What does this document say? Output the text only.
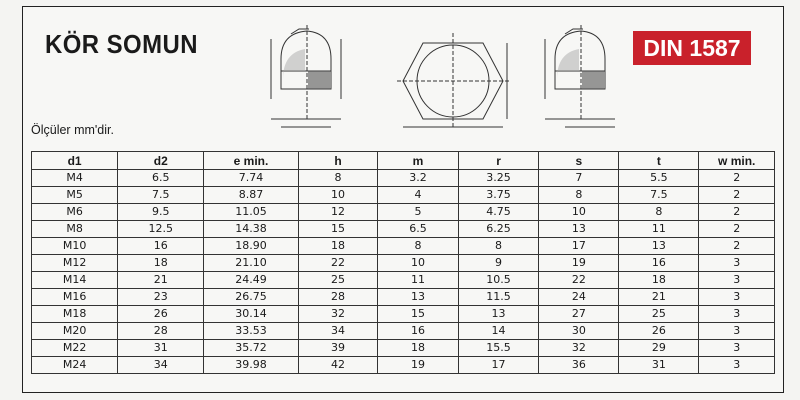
KÖR SOMUN	DIN 1587
Ölçüler mm'dir.
d1	d2	e min.	h	m	r	s	t	w min.
M4	6.5	7.74	8	3.2	3.25	7	5.5	2
M5	7.5	8.87	10	4	3.75	8	7.5	2
M6	9.5	11.05	12	5	4.75	10	8	2
M8	12.5	14.38	15	6.5	6.25	13	11	2
M10	16	18.90	18	8	8	17	13	2
M12	18	21.10	22	10	9	19	16	3
M14	21	24.49	25	11	10.5	22	18	3
M16	23	26.75	28	13	11.5	24	21	3
M18	26	30.14	32	15	13	27	25	3
M20	28	33.53	34	16	14	30	26	3
M22	31	35.72	39	18	15.5	32	29	3
M24	34	39.98	42	19	17	36	31	3
